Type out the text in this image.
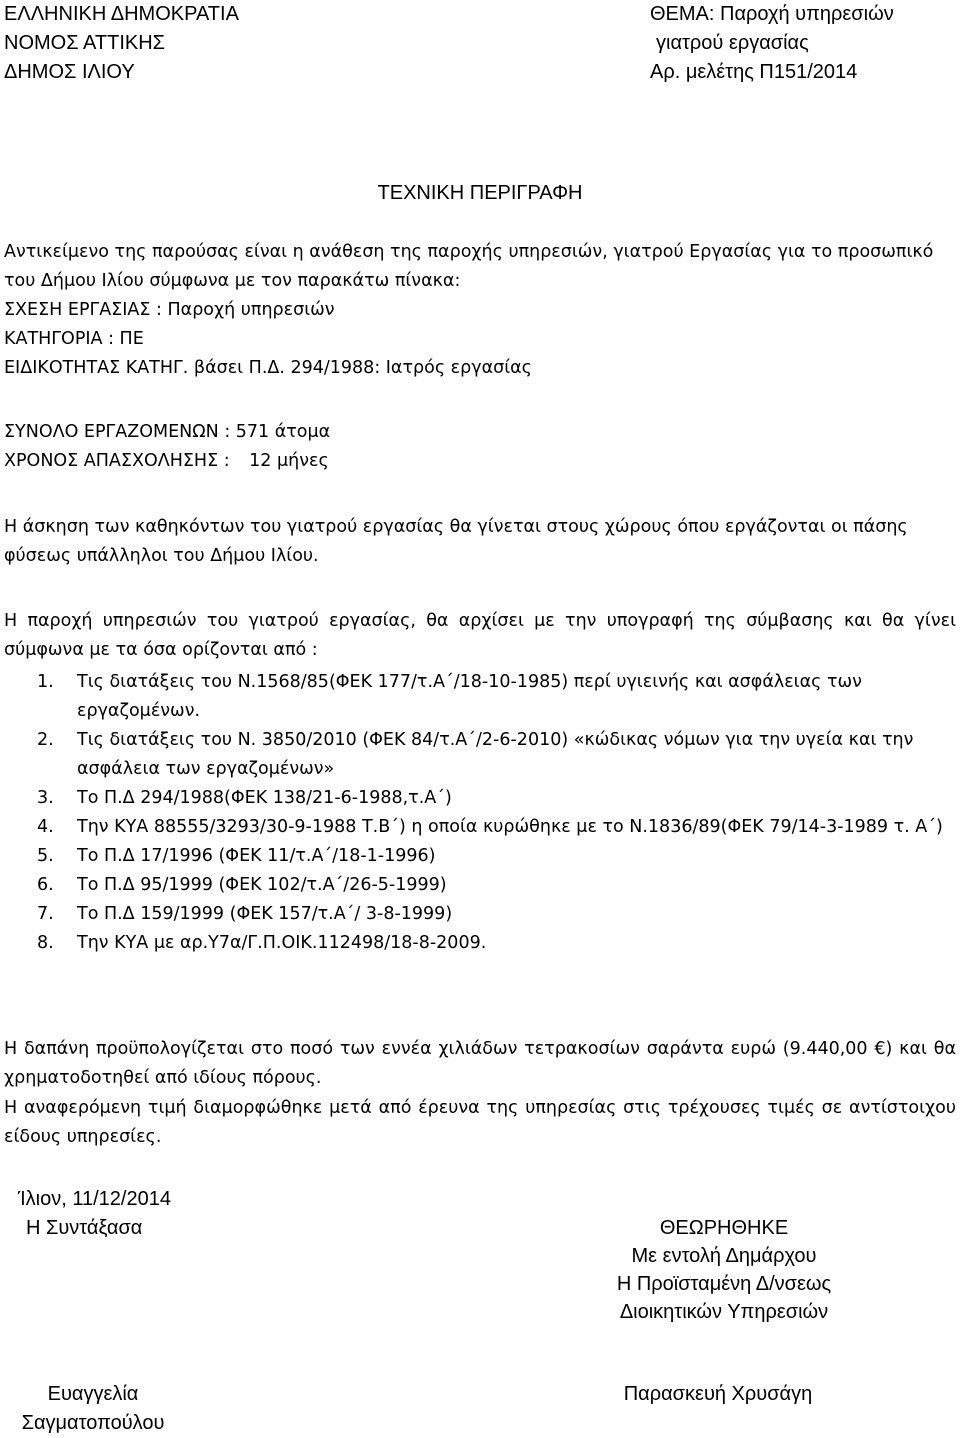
ΕΛΛΗΝΙΚΗ ΔΗΜΟΚΡΑΤΙΑ
ΝΟΜΟΣ ΑΤΤΙΚΗΣ
ΔΗΜΟΣ ΙΛΙΟΥ
ΘΕΜΑ: Παροχή υπηρεσιών
γιατρού εργασίας
Αρ. μελέτης Π151/2014
ΤΕΧΝΙΚΗ ΠΕΡΙΓΡΑΦΗ
Αντικείμενο της παρούσας είναι η ανάθεση της παροχής υπηρεσιών, γιατρού Εργασίας για το προσωπικό του Δήμου Ιλίου σύμφωνα με τον παρακάτω πίνακα:
ΣΧΕΣΗ ΕΡΓΑΣΙΑΣ : Παροχή υπηρεσιών
ΚΑΤΗΓΟΡΙΑ : ΠΕ
ΕΙΔΙΚΟΤΗΤΑΣ ΚΑΤΗΓ. βάσει Π.Δ. 294/1988: Ιατρός εργασίας
ΣΥΝΟΛΟ ΕΡΓΑΖΟΜΕΝΩΝ : 571 άτομα
ΧΡΟΝΟΣ ΑΠΑΣΧΟΛΗΣΗΣ : 12 μήνες
Η άσκηση των καθηκόντων του γιατρού εργασίας θα γίνεται στους χώρους όπου εργάζονται οι πάσης φύσεως υπάλληλοι του Δήμου Ιλίου.
Η παροχή υπηρεσιών του γιατρού εργασίας, θα αρχίσει με την υπογραφή της σύμβασης και θα γίνει σύμφωνα με τα όσα ορίζονται από :
1. Τις διατάξεις του Ν.1568/85(ΦΕΚ 177/τ.Α΄/18-10-1985) περί υγιεινής και ασφάλειας των εργαζομένων.
2. Τις διατάξεις του Ν. 3850/2010 (ΦΕΚ 84/τ.Α΄/2-6-2010) «κώδικας νόμων για την υγεία και την ασφάλεια των εργαζομένων»
3. Το Π.Δ 294/1988(ΦΕΚ 138/21-6-1988,τ.Α΄)
4. Την ΚΥΑ 88555/3293/30-9-1988 Τ.Β΄) η οποία κυρώθηκε με το Ν.1836/89(ΦΕΚ 79/14-3-1989 τ. Α΄)
5. Το Π.Δ 17/1996 (ΦΕΚ 11/τ.Α΄/18-1-1996)
6. Το Π.Δ 95/1999 (ΦΕΚ 102/τ.Α΄/26-5-1999)
7. Το Π.Δ 159/1999 (ΦΕΚ 157/τ.Α΄/ 3-8-1999)
8. Την ΚΥΑ με αρ.Υ7α/Γ.Π.ΟΙΚ.112498/18-8-2009.
Η δαπάνη προϋπολογίζεται στο ποσό των εννέα χιλιάδων τετρακοσίων σαράντα ευρώ (9.440,00 €) και θα χρηματοδοτηθεί από ιδίους πόρους.
Η αναφερόμενη τιμή διαμορφώθηκε μετά από έρευνα της υπηρεσίας στις τρέχουσες τιμές σε αντίστοιχου είδους υπηρεσίες.
Ίλιον, 11/12/2014
Η Συντάξασα	ΘΕΩΡΗΘΗΚΕ
Με εντολή Δημάρχου
Η Προϊσταμένη Δ/νσεως
Διοικητικών Υπηρεσιών
Ευαγγελία
Σαγματοπούλου
Παρασκευή Χρυσάγη
